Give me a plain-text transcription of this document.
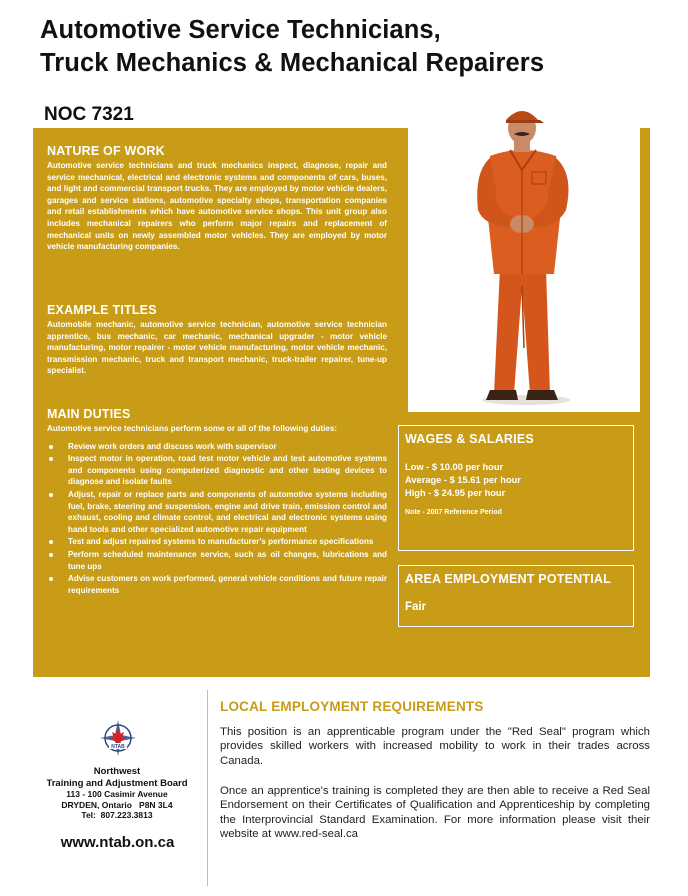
Automotive Service Technicians,
Truck Mechanics & Mechanical Repairers
NOC 7321
NATURE OF WORK
Automotive service technicians and truck mechanics inspect, diagnose, repair and service mechanical, electrical and electronic systems and components of cars, buses, and light and commercial transport trucks. They are employed by motor vehicle dealers, garages and service stations, automotive specialty shops, transportation companies and retail establishments which have automotive service shops. This unit group also includes mechanical repairers who perform major repairs and replacement of mechanical units on newly assembled motor vehicles. They are employed by motor vehicle manufacturing companies.
EXAMPLE TITLES
Automobile mechanic, automotive service technician, automotive service technician apprentice, bus mechanic, car mechanic, mechanical upgrader - motor vehicle manufacturing, motor repairer - motor vehicle manufacturing, motor vehicle mechanic, transmission mechanic, truck and transport mechanic, truck-trailer repairer, tune-up specialist.
MAIN DUTIES
Automotive service technicians perform some or all of the following duties:
Review work orders and discuss work with supervisor
Inspect motor in operation, road test motor vehicle and test automotive systems and components using computerized diagnostic and other testing devices to diagnose and isolate faults
Adjust, repair or replace parts and components of automotive systems including fuel, brake, steering and suspension, engine and drive train, emission control and exhaust, cooling and climate control, and electrical and electronic systems using hand tools and other specialized automotive repair equipment
Test and adjust repaired systems to manufacturer's performance specifications
Perform scheduled maintenance service, such as oil changes, lubrications and tune ups
Advise customers on work performed, general vehicle conditions and future repair requirements
WAGES & SALARIES
Low - $ 10.00 per hour
Average - $ 15.61 per hour
High - $ 24.95 per hour
Note - 2007 Reference Period
AREA EMPLOYMENT POTENTIAL
Fair
NTAB
Northwest
Training and Adjustment Board
113 - 100 Casimir Avenue
DRYDEN, Ontario   P8N 3L4
Tel:  807.223.3813
www.ntab.on.ca
LOCAL EMPLOYMENT REQUIREMENTS
This position is an apprenticable program under the "Red Seal" program which provides skilled workers with increased mobility to work in their trades across Canada.
Once an apprentice's training is completed they are then able to receive a Red Seal Endorsement on their Certificates of Qualification and Apprenticeship by completing the Interprovincial Standard Examination. For more information please visit their website at www.red-seal.ca
